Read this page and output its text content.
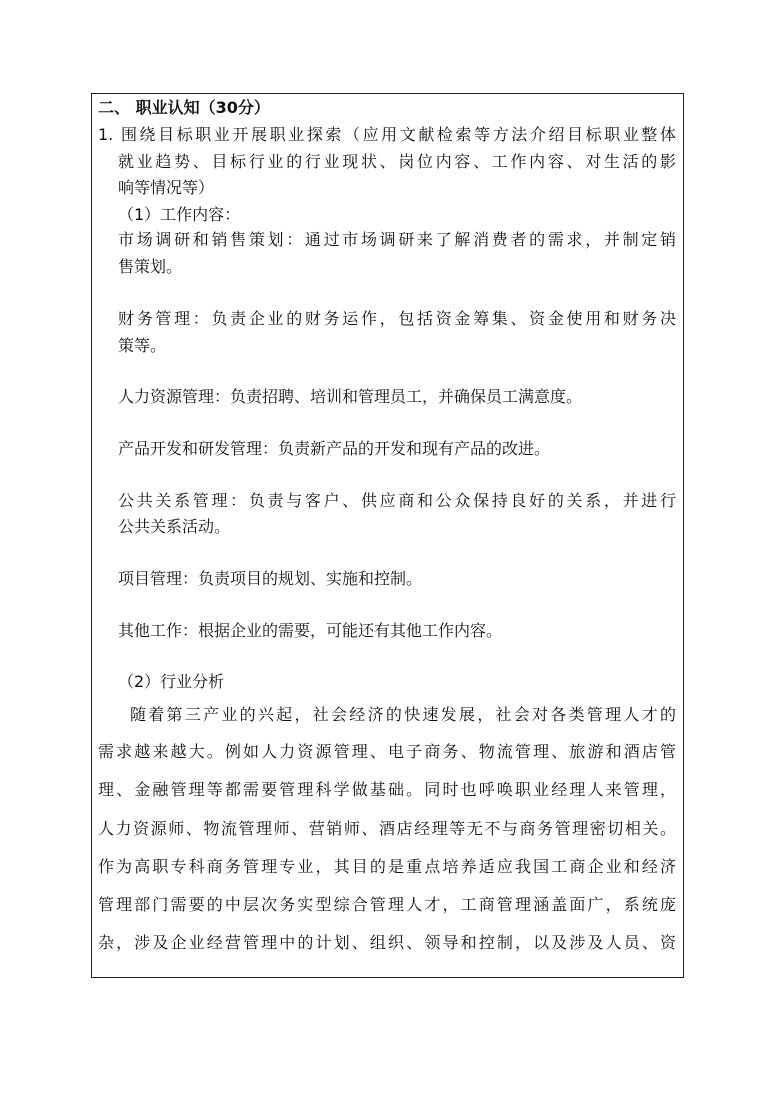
二、 职业认知（30分）
1. 围绕目标职业开展职业探索（应用文献检索等方法介绍目标职业整体
就业趋势、目标行业的行业现状、岗位内容、工作内容、对生活的影
响等情况等）
（1）工作内容：
市场调研和销售策划：通过市场调研来了解消费者的需求，并制定销
售策划。
财务管理：负责企业的财务运作，包括资金筹集、资金使用和财务决
策等。
人力资源管理：负责招聘、培训和管理员工，并确保员工满意度。
产品开发和研发管理：负责新产品的开发和现有产品的改进。
公共关系管理：负责与客户、供应商和公众保持良好的关系，并进行
公共关系活动。
项目管理：负责项目的规划、实施和控制。
其他工作：根据企业的需要，可能还有其他工作内容。
（2）行业分析
随着第三产业的兴起，社会经济的快速发展，社会对各类管理人才的
需求越来越大。例如人力资源管理、电子商务、物流管理、旅游和酒店管
理、金融管理等都需要管理科学做基础。同时也呼唤职业经理人来管理，
人力资源师、物流管理师、营销师、酒店经理等无不与商务管理密切相关。
作为高职专科商务管理专业，其目的是重点培养适应我国工商企业和经济
管理部门需要的中层次务实型综合管理人才，工商管理涵盖面广，系统庞
杂，涉及企业经营管理中的计划、组织、领导和控制，以及涉及人员、资
